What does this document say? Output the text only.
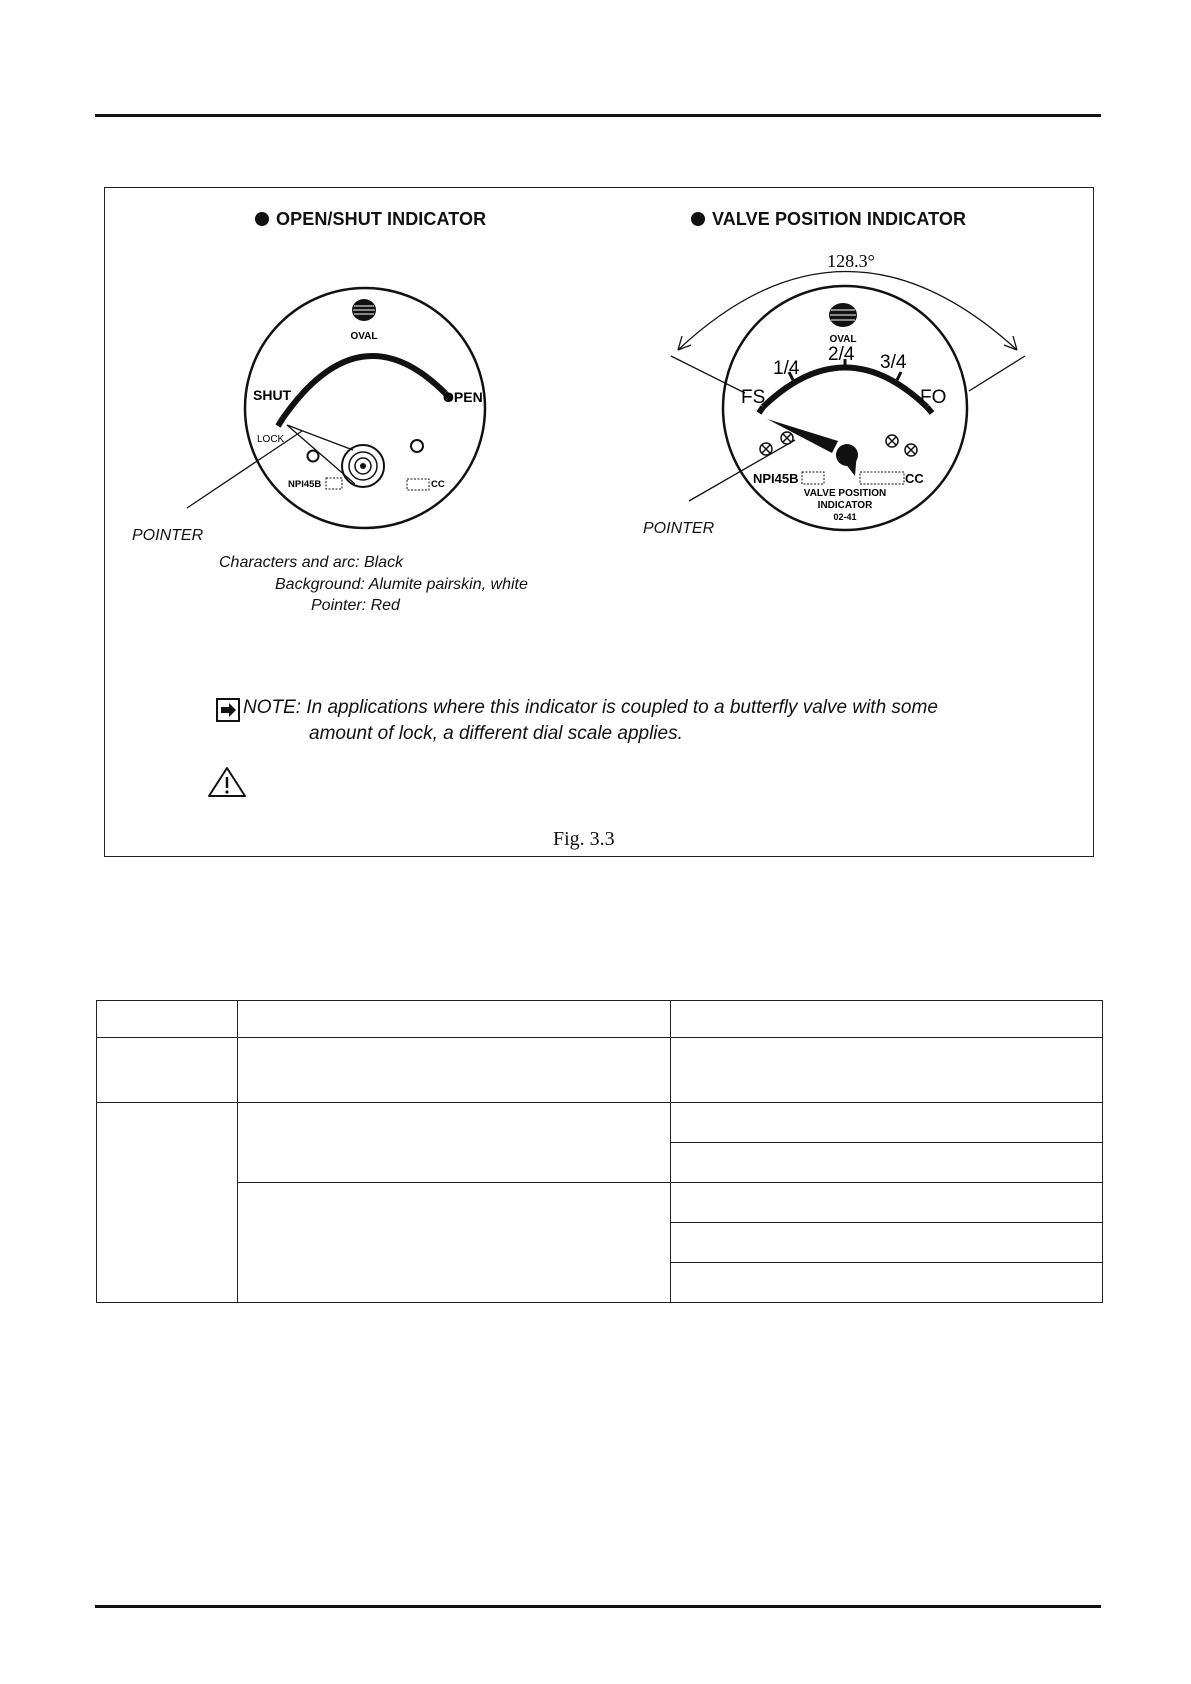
OVAL
SHUT	OPEN
LOCK
NPI45B	CC
128.3°
OVAL
FS
1/4
2/4 3/4
FO
NPI45B	CC
VALVE POSITION
INDICATOR
02-41
OPEN/SHUT INDICATOR	VALVE POSITION INDICATOR
POINTER	POINTER
Characters and arc: Black
Background: Alumite pairskin, white
Pointer: Red
NOTE: In applications where this indicator is coupled to a butterfly valve with some
amount of lock, a different dial scale applies.
Fig. 3.3
